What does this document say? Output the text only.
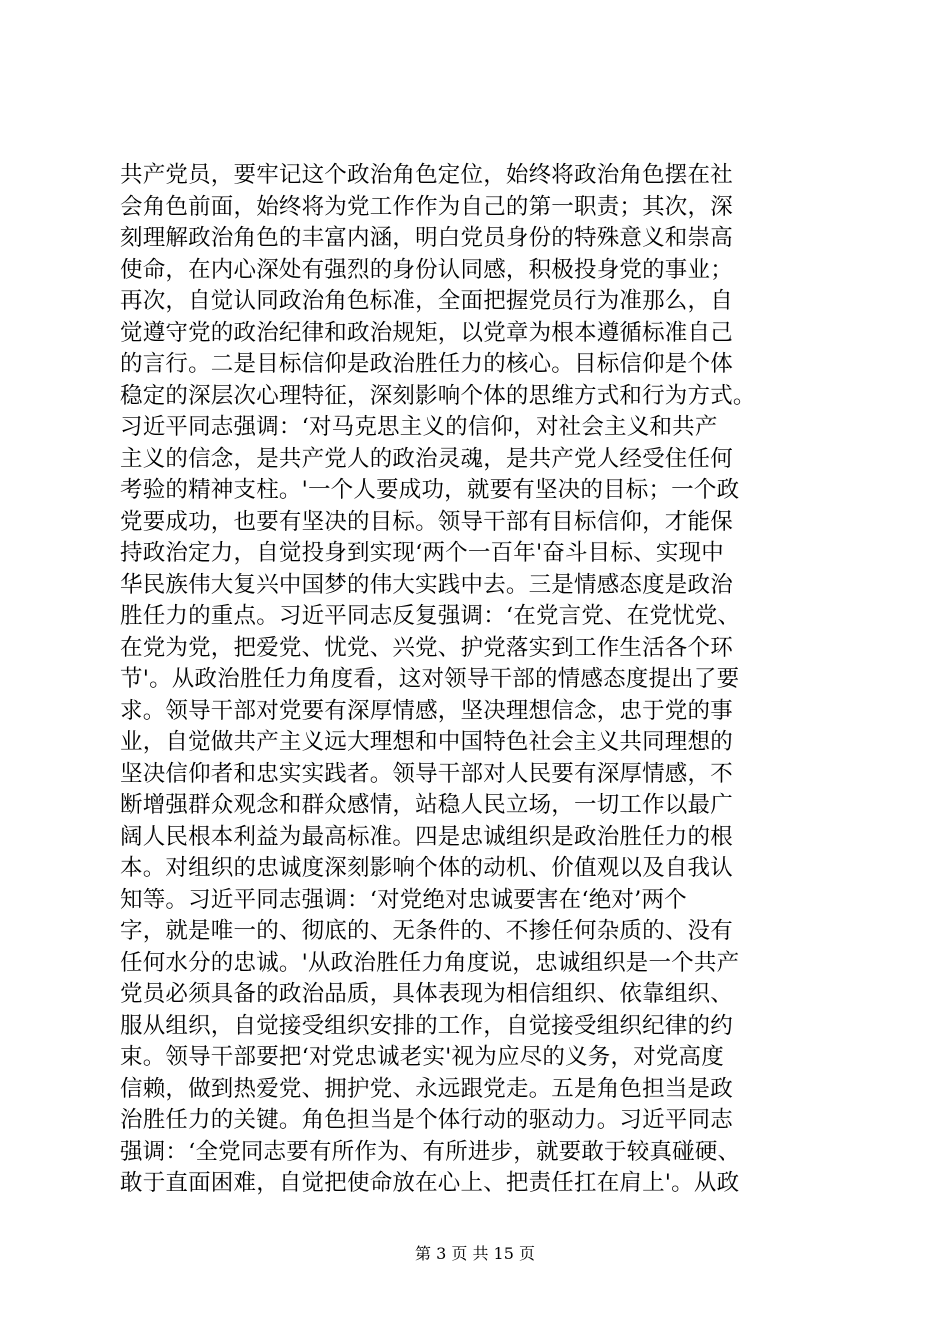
共产党员，要牢记这个政治角色定位，始终将政治角色摆在社
会角色前面，始终将为党工作作为自己的第一职责；其次，深
刻理解政治角色的丰富内涵，明白党员身份的特殊意义和崇高
使命，在内心深处有强烈的身份认同感，积极投身党的事业；
再次，自觉认同政治角色标准，全面把握党员行为准那么，自
觉遵守党的政治纪律和政治规矩，以党章为根本遵循标准自己
的言行。二是目标信仰是政治胜任力的核心。目标信仰是个体
稳定的深层次心理特征，深刻影响个体的思维方式和行为方式。
习近平同志强调：‘对马克思主义的信仰，对社会主义和共产
主义的信念，是共产党人的政治灵魂，是共产党人经受住任何
考验的精神支柱。'一个人要成功，就要有坚决的目标；一个政
党要成功，也要有坚决的目标。领导干部有目标信仰，才能保
持政治定力，自觉投身到实现‘两个一百年'奋斗目标、实现中
华民族伟大复兴中国梦的伟大实践中去。三是情感态度是政治
胜任力的重点。习近平同志反复强调：‘在党言党、在党忧党、
在党为党，把爱党、忧党、兴党、护党落实到工作生活各个环
节'。从政治胜任力角度看，这对领导干部的情感态度提出了要
求。领导干部对党要有深厚情感，坚决理想信念，忠于党的事
业，自觉做共产主义远大理想和中国特色社会主义共同理想的
坚决信仰者和忠实实践者。领导干部对人民要有深厚情感，不
断增强群众观念和群众感情，站稳人民立场，一切工作以最广
阔人民根本利益为最高标准。四是忠诚组织是政治胜任力的根
本。对组织的忠诚度深刻影响个体的动机、价值观以及自我认
知等。习近平同志强调：‘对党绝对忠诚要害在‘绝对’两个
字，就是唯一的、彻底的、无条件的、不掺任何杂质的、没有
任何水分的忠诚。'从政治胜任力角度说，忠诚组织是一个共产
党员必须具备的政治品质，具体表现为相信组织、依靠组织、
服从组织，自觉接受组织安排的工作，自觉接受组织纪律的约
束。领导干部要把‘对党忠诚老实'视为应尽的义务，对党高度
信赖，做到热爱党、拥护党、永远跟党走。五是角色担当是政
治胜任力的关键。角色担当是个体行动的驱动力。习近平同志
强调：‘全党同志要有所作为、有所进步，就要敢于较真碰硬、
敢于直面困难，自觉把使命放在心上、把责任扛在肩上'。从政
第 3 页 共 15 页
